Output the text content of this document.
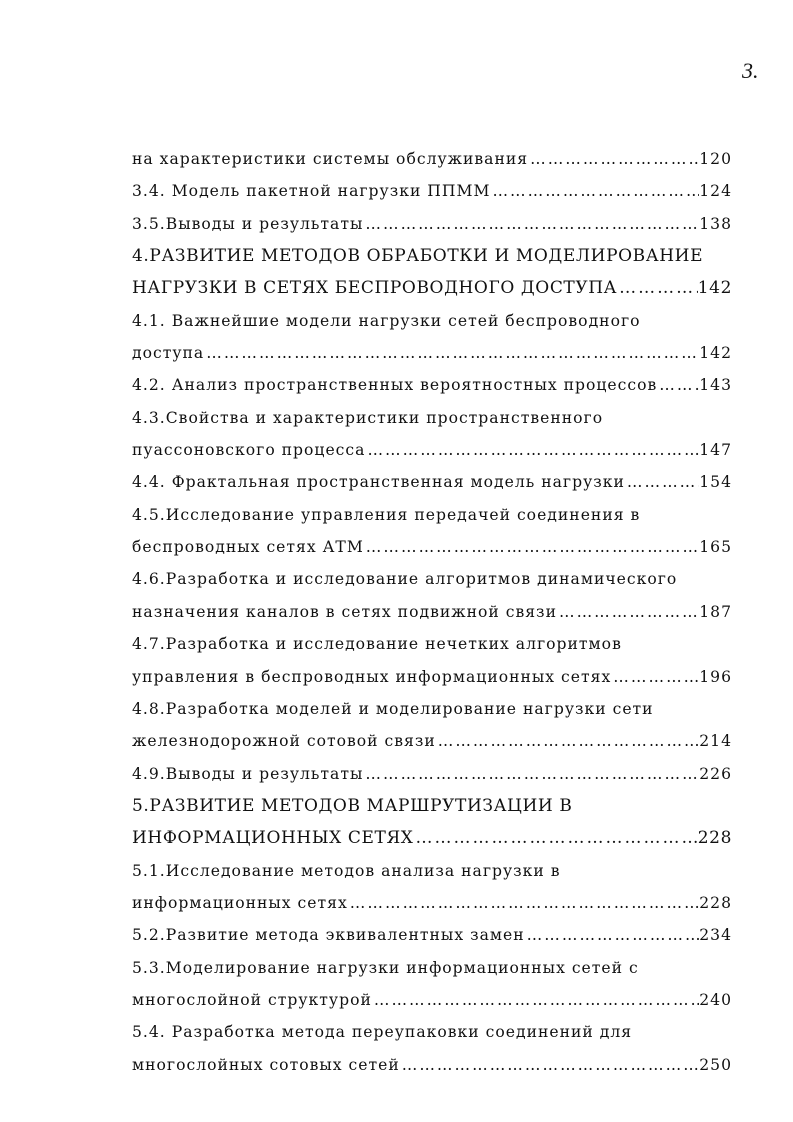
3.
на характеристики системы обслуживания …………………………………………………………………………………………………………	120
3.4. Модель пакетной нагрузки ППММ …………………………………………………………………………………………………………	124
3.5.Выводы и результаты …………………………………………………………………………………………………………	138
4.РАЗВИТИЕ МЕТОДОВ ОБРАБОТКИ И МОДЕЛИРОВАНИЕ
НАГРУЗКИ В СЕТЯХ БЕСПРОВОДНОГО ДОСТУПА …………………………………………………………………………………………………………	142
4.1. Важнейшие модели нагрузки сетей беспроводного
доступа …………………………………………………………………………………………………………	142
4.2. Анализ пространственных вероятностных процессов …………………………………………………………………………………………………………	143
4.3.Свойства и характеристики пространственного
пуассоновского процесса …………………………………………………………………………………………………………	147
4.4. Фрактальная пространственная модель нагрузки …………………………………………………………………………………………………………	154
4.5.Исследование управления передачей соединения в
беспроводных сетях АТМ …………………………………………………………………………………………………………	165
4.6.Разработка и исследование алгоритмов динамического
назначения каналов в сетях подвижной связи …………………………………………………………………………………………………………	187
4.7.Разработка и исследование нечетких алгоритмов
управления в беспроводных информационных сетях …………………………………………………………………………………………………………	196
4.8.Разработка моделей и моделирование нагрузки сети
железнодорожной сотовой связи …………………………………………………………………………………………………………	214
4.9.Выводы и результаты …………………………………………………………………………………………………………	226
5.РАЗВИТИЕ МЕТОДОВ МАРШРУТИЗАЦИИ В
ИНФОРМАЦИОННЫХ СЕТЯХ …………………………………………………………………………………………………………	228
5.1.Исследование методов анализа нагрузки в
информационных сетях …………………………………………………………………………………………………………	228
5.2.Развитие метода эквивалентных замен …………………………………………………………………………………………………………	234
5.3.Моделирование нагрузки информационных сетей с
многослойной структурой …………………………………………………………………………………………………………	240
5.4. Разработка метода переупаковки соединений для
многослойных сотовых сетей …………………………………………………………………………………………………………	250
